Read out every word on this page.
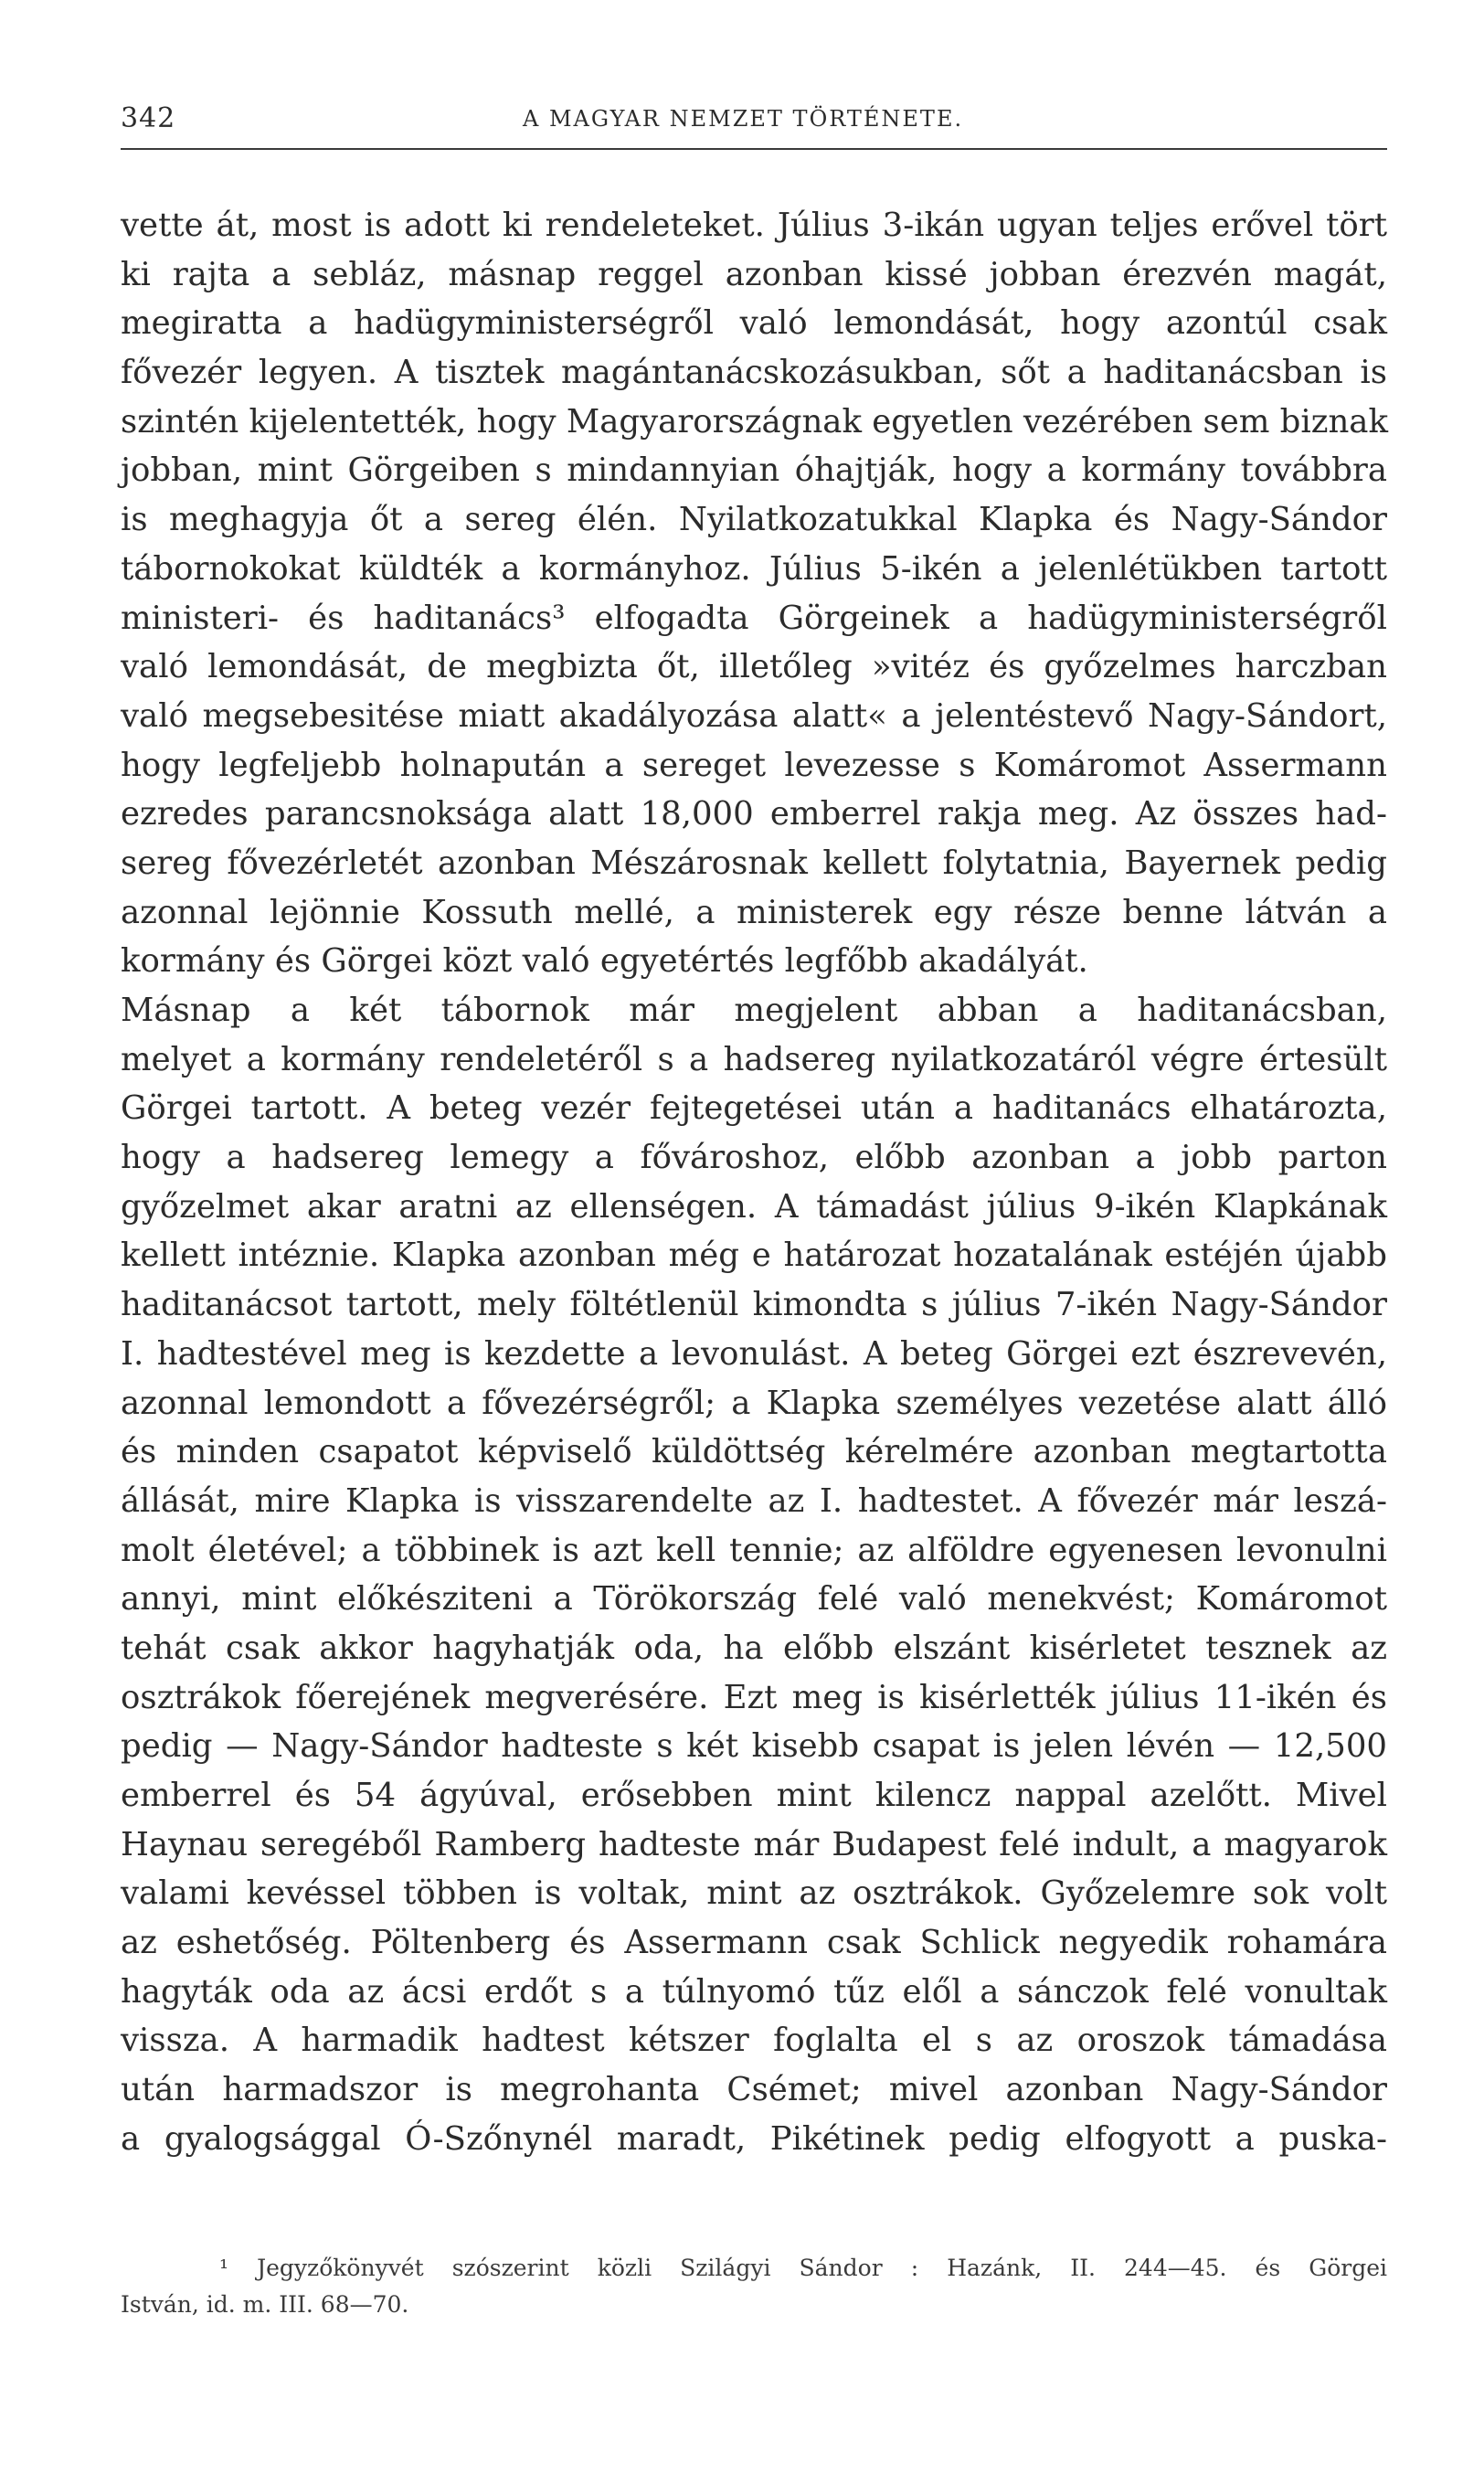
342	A MAGYAR NEMZET TÖRTÉNETE.
vette át, most is adott ki rendeleteket. Július 3-ikán ugyan teljes erővel tört
ki rajta a sebláz, másnap reggel azonban kissé jobban érezvén magát,
megiratta a hadügyministerségről való lemondását, hogy azontúl csak
fővezér legyen. A tisztek magántanácskozásukban, sőt a haditanácsban is
szintén kijelentették, hogy Magyarországnak egyetlen vezérében sem biznak
jobban, mint Görgeiben s mindannyian óhajtják, hogy a kormány továbbra
is meghagyja őt a sereg élén. Nyilatkozatukkal Klapka és Nagy-Sándor
tábornokokat küldték a kormányhoz. Július 5-ikén a jelenlétükben tartott
ministeri- és haditanács³ elfogadta Görgeinek a hadügyministerségről
való lemondását, de megbizta őt, illetőleg »vitéz és győzelmes harczban
való megsebesitése miatt akadályozása alatt« a jelentéstevő Nagy-Sándort,
hogy legfeljebb holnapután a sereget levezesse s Komáromot Assermann
ezredes parancsnoksága alatt 18,000 emberrel rakja meg. Az összes had-
sereg fővezérletét azonban Mészárosnak kellett folytatnia, Bayernek pedig
azonnal lejönnie Kossuth mellé, a ministerek egy része benne látván a
kormány és Görgei közt való egyetértés legfőbb akadályát.
Másnap a két tábornok már megjelent abban a haditanácsban,
melyet a kormány rendeletéről s a hadsereg nyilatkozatáról végre értesült
Görgei tartott. A beteg vezér fejtegetései után a haditanács elhatározta,
hogy a hadsereg lemegy a fővároshoz, előbb azonban a jobb parton
győzelmet akar aratni az ellenségen. A támadást július 9-ikén Klapkának
kellett intéznie. Klapka azonban még e határozat hozatalának estéjén újabb
haditanácsot tartott, mely föltétlenül kimondta s július 7-ikén Nagy-Sándor
I. hadtestével meg is kezdette a levonulást. A beteg Görgei ezt észrevevén,
azonnal lemondott a fővezérségről; a Klapka személyes vezetése alatt álló
és minden csapatot képviselő küldöttség kérelmére azonban megtartotta
állását, mire Klapka is visszarendelte az I. hadtestet. A fővezér már leszá-
molt életével; a többinek is azt kell tennie; az alföldre egyenesen levonulni
annyi, mint előkésziteni a Törökország felé való menekvést; Komáromot
tehát csak akkor hagyhatják oda, ha előbb elszánt kisérletet tesznek az
osztrákok főerejének megverésére. Ezt meg is kisérlették július 11-ikén és
pedig — Nagy-Sándor hadteste s két kisebb csapat is jelen lévén — 12,500
emberrel és 54 ágyúval, erősebben mint kilencz nappal azelőtt. Mivel
Haynau seregéből Ramberg hadteste már Budapest felé indult, a magyarok
valami kevéssel többen is voltak, mint az osztrákok. Győzelemre sok volt
az eshetőség. Pöltenberg és Assermann csak Schlick negyedik rohamára
hagyták oda az ácsi erdőt s a túlnyomó tűz elől a sánczok felé vonultak
vissza. A harmadik hadtest kétszer foglalta el s az oroszok támadása
után harmadszor is megrohanta Csémet; mivel azonban Nagy-Sándor
a gyalogsággal Ó-Szőnynél maradt, Pikétinek pedig elfogyott a puska-
¹ Jegyzőkönyvét szószerint közli Szilágyi Sándor : Hazánk, II. 244—45. és Görgei
István, id. m. III. 68—70.
